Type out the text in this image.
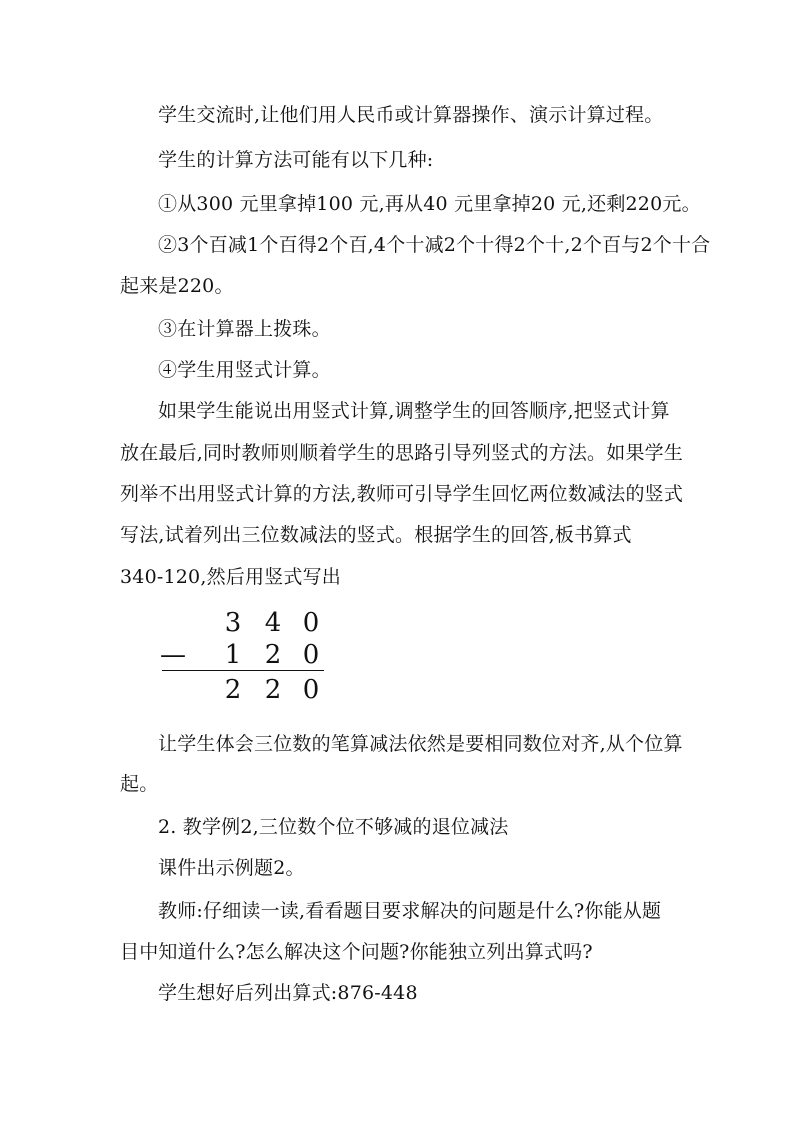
学生交流时,让他们用人民币或计算器操作、演示计算过程。
学生的计算方法可能有以下几种:
①从300 元里拿掉100 元,再从40 元里拿掉20 元,还剩220元。
②3个百减1个百得2个百,4个十减2个十得2个十,2个百与2个十合
起来是220。
③在计算器上拨珠。
④学生用竖式计算。
如果学生能说出用竖式计算,调整学生的回答顺序,把竖式计算
放在最后,同时教师则顺着学生的思路引导列竖式的方法。如果学生
列举不出用竖式计算的方法,教师可引导学生回忆两位数减法的竖式
写法,试着列出三位数减法的竖式。根据学生的回答,板书算式
340-120,然后用竖式写出
3 4 0
— 1 2 0
2 2 0
让学生体会三位数的笔算减法依然是要相同数位对齐,从个位算
起。
2. 教学例2,三位数个位不够减的退位减法
课件出示例题2。
教师:仔细读一读,看看题目要求解决的问题是什么?你能从题
目中知道什么?怎么解决这个问题?你能独立列出算式吗?
学生想好后列出算式:876-448
